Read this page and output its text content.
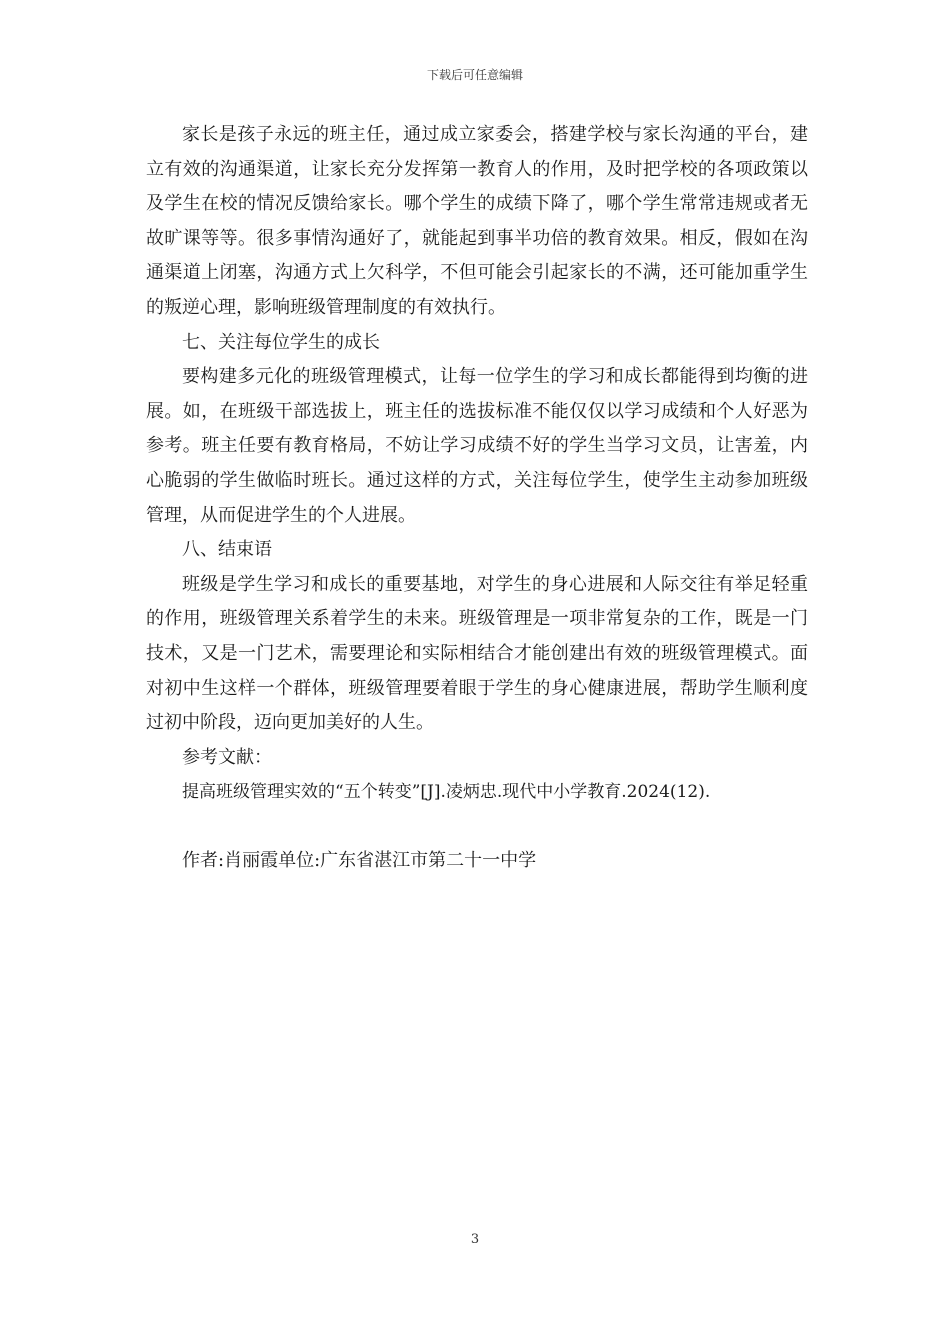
下载后可任意编辑

家长是孩子永远的班主任，通过成立家委会，搭建学校与家长沟通的平台，建立有效的沟通渠道，让家长充分发挥第一教育人的作用，及时把学校的各项政策以及学生在校的情况反馈给家长。哪个学生的成绩下降了，哪个学生常常违规或者无故旷课等等。很多事情沟通好了，就能起到事半功倍的教育效果。相反，假如在沟通渠道上闭塞，沟通方式上欠科学，不但可能会引起家长的不满，还可能加重学生的叛逆心理，影响班级管理制度的有效执行。

七、关注每位学生的成长

要构建多元化的班级管理模式，让每一位学生的学习和成长都能得到均衡的进展。如，在班级干部选拔上，班主任的选拔标准不能仅仅以学习成绩和个人好恶为参考。班主任要有教育格局，不妨让学习成绩不好的学生当学习文员，让害羞，内心脆弱的学生做临时班长。通过这样的方式，关注每位学生，使学生主动参加班级管理，从而促进学生的个人进展。

八、结束语

班级是学生学习和成长的重要基地，对学生的身心进展和人际交往有举足轻重的作用，班级管理关系着学生的未来。班级管理是一项非常复杂的工作，既是一门技术，又是一门艺术，需要理论和实际相结合才能创建出有效的班级管理模式。面对初中生这样一个群体，班级管理要着眼于学生的身心健康进展，帮助学生顺利度过初中阶段，迈向更加美好的人生。

参考文献：

提高班级管理实效的“五个转变”[J].凌炳忠.现代中小学教育.2024(12).

作者:肖丽霞单位:广东省湛江市第二十一中学

3
